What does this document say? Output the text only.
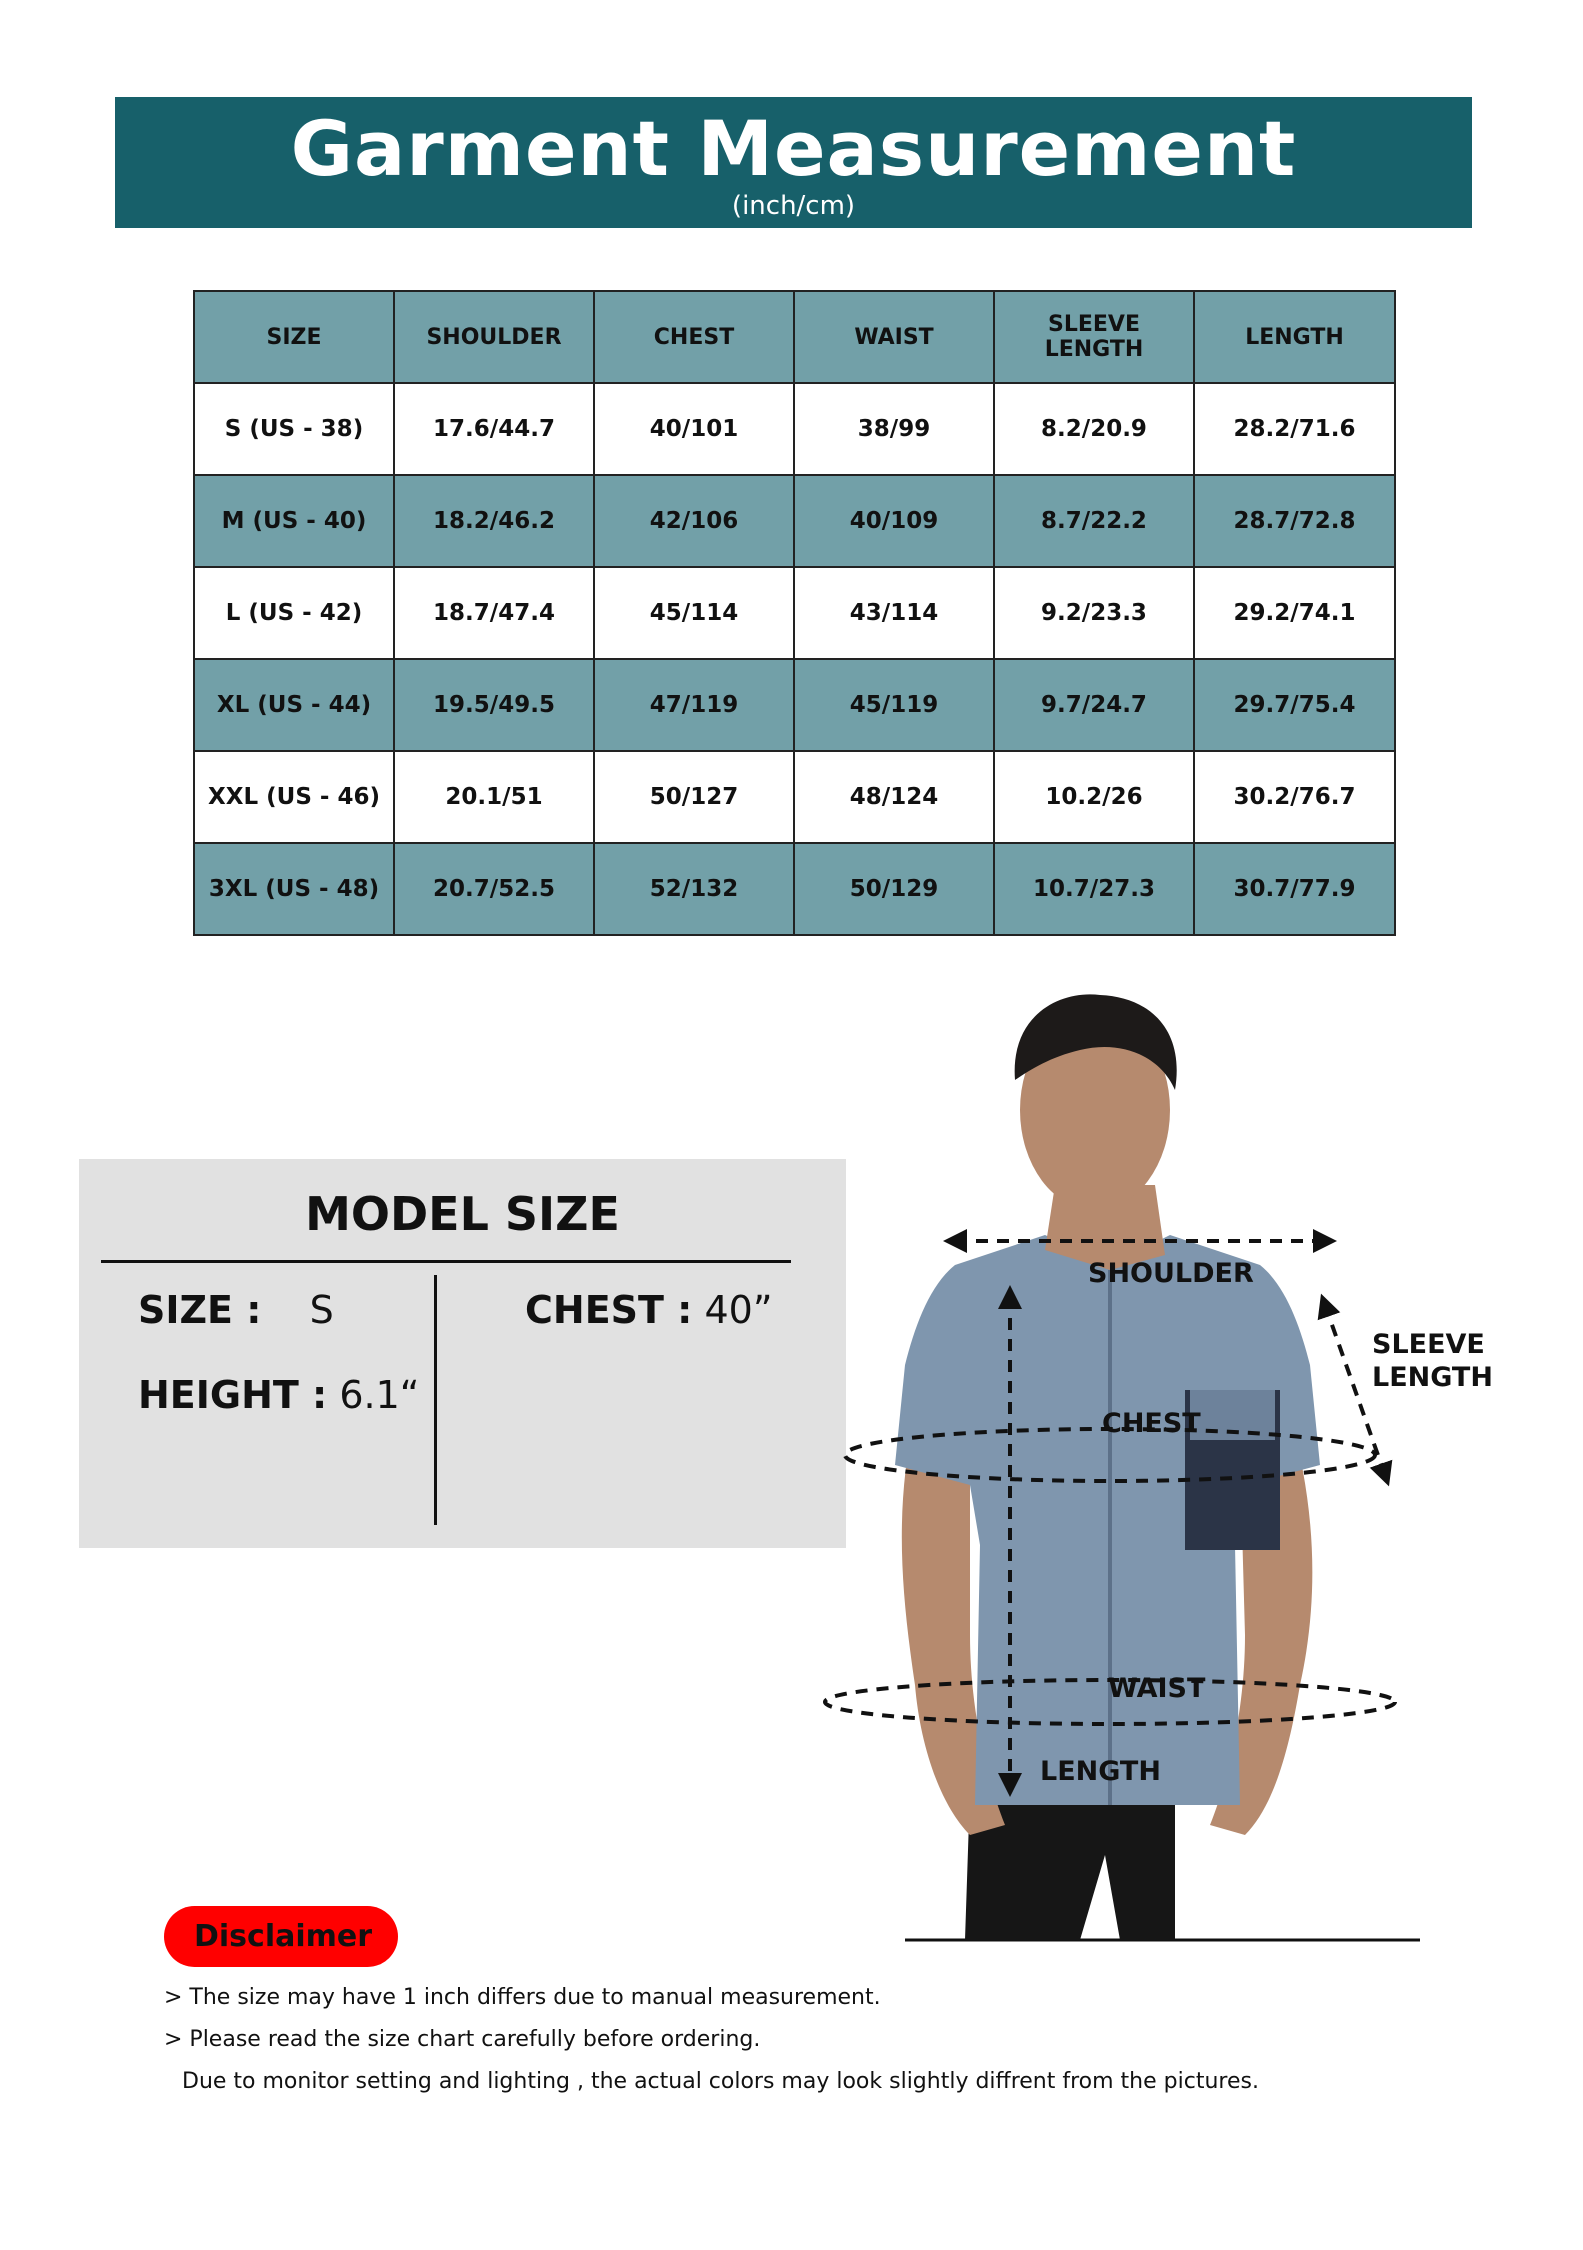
Garment Measurement
(inch/cm)
SIZE	SHOULDER	CHEST	WAIST	SLEEVE LENGTH	LENGTH
S (US - 38)	17.6/44.7	40/101	38/99	8.2/20.9	28.2/71.6
M (US - 40)	18.2/46.2	42/106	40/109	8.7/22.2	28.7/72.8
L (US - 42)	18.7/47.4	45/114	43/114	9.2/23.3	29.2/74.1
XL (US - 44)	19.5/49.5	47/119	45/119	9.7/24.7	29.7/75.4
XXL (US - 46)	20.1/51	50/127	48/124	10.2/26	30.2/76.7
3XL (US - 48)	20.7/52.5	52/132	50/129	10.7/27.3	30.7/77.9
MODEL SIZE
SIZE : S
HEIGHT : 6.1“
CHEST : 40”
SHOULDER
SLEEVE
LENGTH
CHEST
WAIST
LENGTH
Disclaimer
> The size may have 1 inch differs due to manual measurement.
> Please read the size chart carefully before ordering.
Due to monitor setting and lighting , the actual colors may look slightly diffrent from the pictures.
